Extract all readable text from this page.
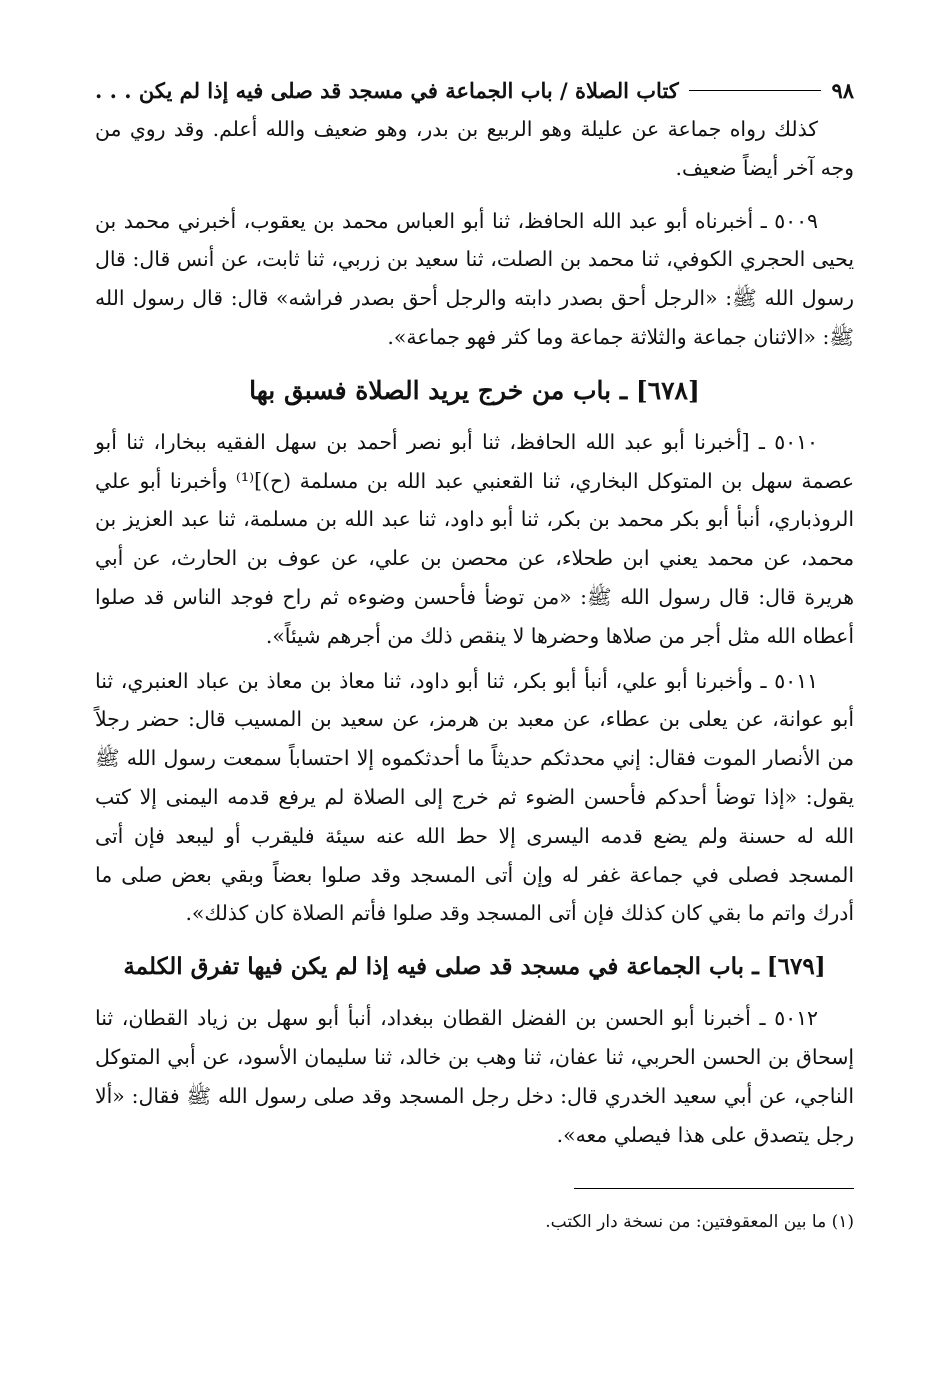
٩٨
كتاب الصلاة / باب الجماعة في مسجد قد صلى فيه إذا لم يكن . . .

كذلك رواه جماعة عن عليلة وهو الربيع بن بدر، وهو ضعيف والله أعلم. وقد روي من وجه آخر أيضاً ضعيف.

٥٠٠٩ ـ أخبرناه أبو عبد الله الحافظ، ثنا أبو العباس محمد بن يعقوب، أخبرني محمد بن يحيى الحجري الكوفي، ثنا محمد بن الصلت، ثنا سعيد بن زربي، ثنا ثابت، عن أنس قال: قال رسول الله ﷺ: «الرجل أحق بصدر دابته والرجل أحق بصدر فراشه» قال: قال رسول الله ﷺ: «الاثنان جماعة والثلاثة جماعة وما كثر فهو جماعة».

[٦٧٨] ـ باب من خرج يريد الصلاة فسبق بها

٥٠١٠ ـ [أخبرنا أبو عبد الله الحافظ، ثنا أبو نصر أحمد بن سهل الفقيه ببخارا، ثنا أبو عصمة سهل بن المتوكل البخاري، ثنا القعنبي عبد الله بن مسلمة (ح)]⁽¹⁾ وأخبرنا أبو علي الروذباري، أنبأ أبو بكر محمد بن بكر، ثنا أبو داود، ثنا عبد الله بن مسلمة، ثنا عبد العزيز بن محمد، عن محمد يعني ابن طحلاء، عن محصن بن علي، عن عوف بن الحارث، عن أبي هريرة قال: قال رسول الله ﷺ: «من توضأ فأحسن وضوءه ثم راح فوجد الناس قد صلوا أعطاه الله مثل أجر من صلاها وحضرها لا ينقص ذلك من أجرهم شيئاً».

٥٠١١ ـ وأخبرنا أبو علي، أنبأ أبو بكر، ثنا أبو داود، ثنا معاذ بن معاذ بن عباد العنبري، ثنا أبو عوانة، عن يعلى بن عطاء، عن معبد بن هرمز، عن سعيد بن المسيب قال: حضر رجلاً من الأنصار الموت فقال: إني محدثكم حديثاً ما أحدثكموه إلا احتساباً سمعت رسول الله ﷺ يقول: «إذا توضأ أحدكم فأحسن الضوء ثم خرج إلى الصلاة لم يرفع قدمه اليمنى إلا كتب الله له حسنة ولم يضع قدمه اليسرى إلا حط الله عنه سيئة فليقرب أو ليبعد فإن أتى المسجد فصلى في جماعة غفر له وإن أتى المسجد وقد صلوا بعضاً وبقي بعض صلى ما أدرك واتم ما بقي كان كذلك فإن أتى المسجد وقد صلوا فأتم الصلاة كان كذلك».

[٦٧٩] ـ باب الجماعة في مسجد قد صلى فيه إذا لم يكن فيها تفرق الكلمة

٥٠١٢ ـ أخبرنا أبو الحسن بن الفضل القطان ببغداد، أنبأ أبو سهل بن زياد القطان، ثنا إسحاق بن الحسن الحربي، ثنا عفان، ثنا وهب بن خالد، ثنا سليمان الأسود، عن أبي المتوكل الناجي، عن أبي سعيد الخدري قال: دخل رجل المسجد وقد صلى رسول الله ﷺ فقال: «ألا رجل يتصدق على هذا فيصلي معه».

(١) ما بين المعقوفتين: من نسخة دار الكتب.
